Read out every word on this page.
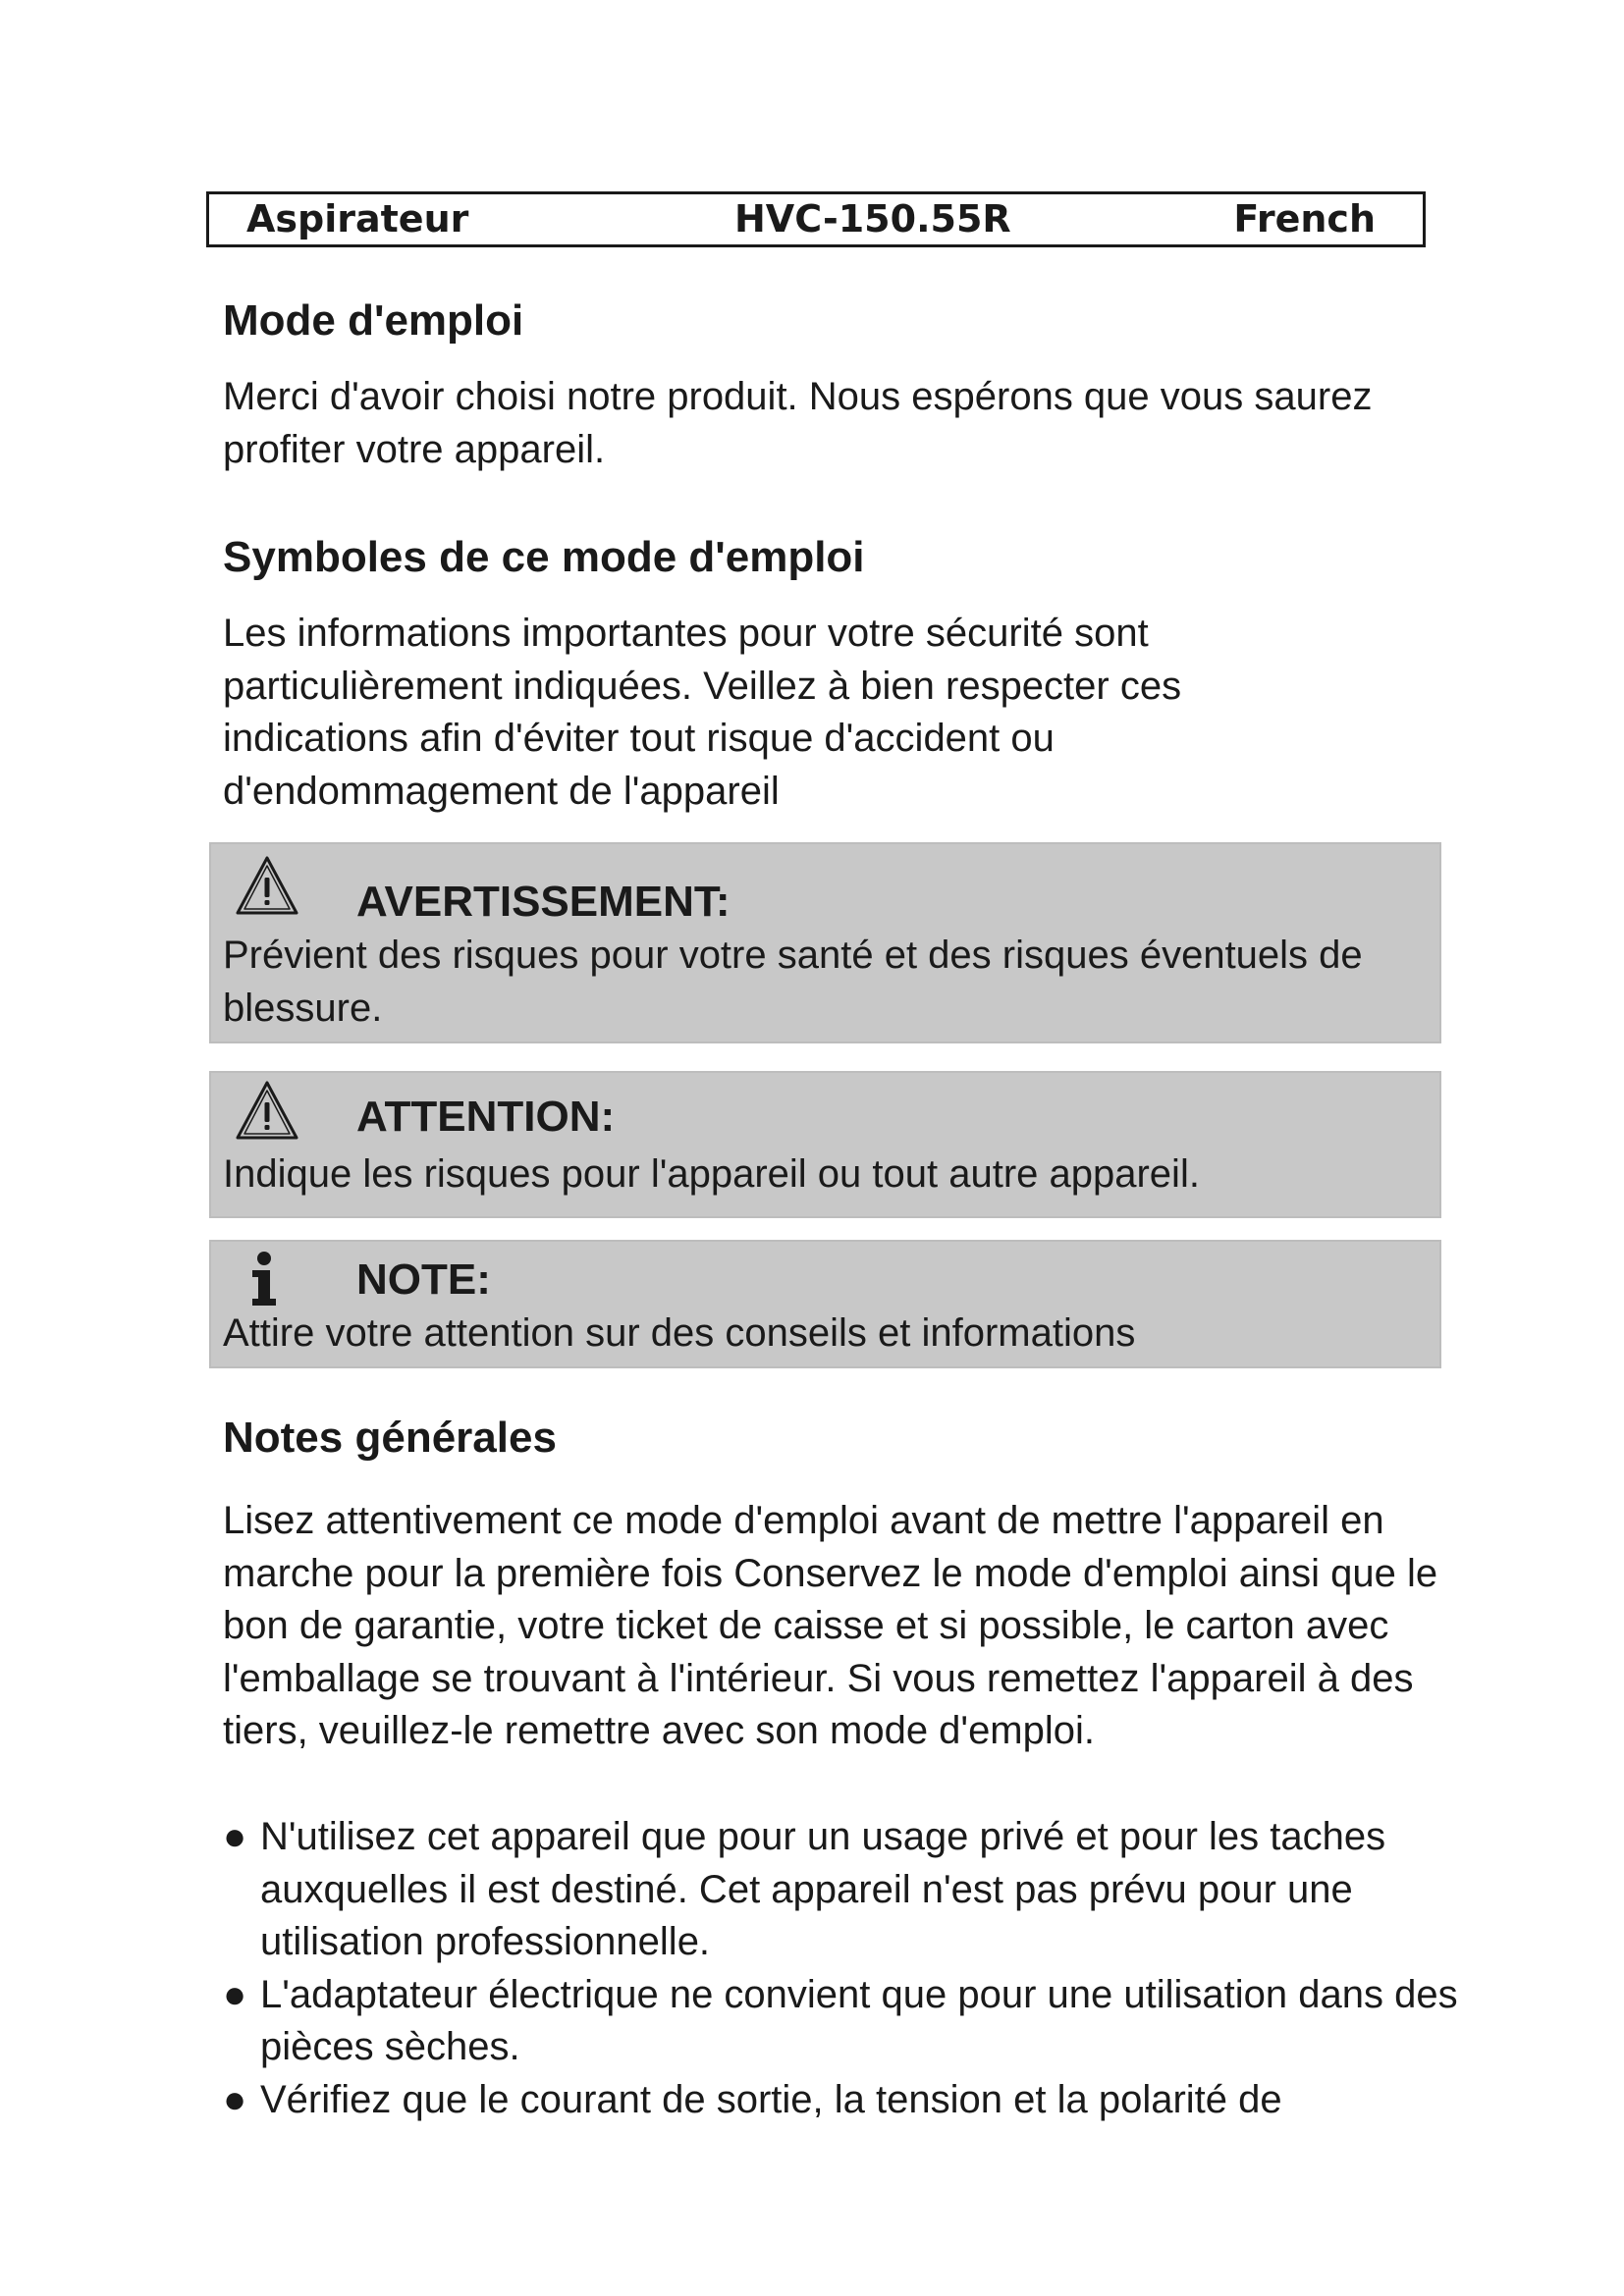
Aspirateur	HVC-150.55R	French
Mode d'emploi

Merci d'avoir choisi notre produit. Nous espérons que vous saurez profiter votre appareil.

Symboles de ce mode d'emploi

Les informations importantes pour votre sécurité sont particulièrement indiquées. Veillez à bien respecter ces indications afin d'éviter tout risque d'accident ou d'endommagement de l'appareil

Notes générales

Lisez attentivement ce mode d'emploi avant de mettre l'appareil en marche pour la première fois Conservez le mode d'emploi ainsi que le bon de garantie, votre ticket de caisse et si possible, le carton avec l'emballage se trouvant à l'intérieur. Si vous remettez l'appareil à des tiers, veuillez-le remettre avec son mode d'emploi.

AVERTISSEMENT:
Prévient des risques pour votre santé et des risques éventuels de blessure.
ATTENTION:
Indique les risques pour l'appareil ou tout autre appareil.
NOTE:
Attire votre attention sur des conseils et informations
● N'utilisez cet appareil que pour un usage privé et pour les taches auxquelles il est destiné. Cet appareil n'est pas prévu pour une utilisation professionnelle.
● L'adaptateur électrique ne convient que pour une utilisation dans des pièces sèches.
● Vérifiez que le courant de sortie, la tension et la polarité de
